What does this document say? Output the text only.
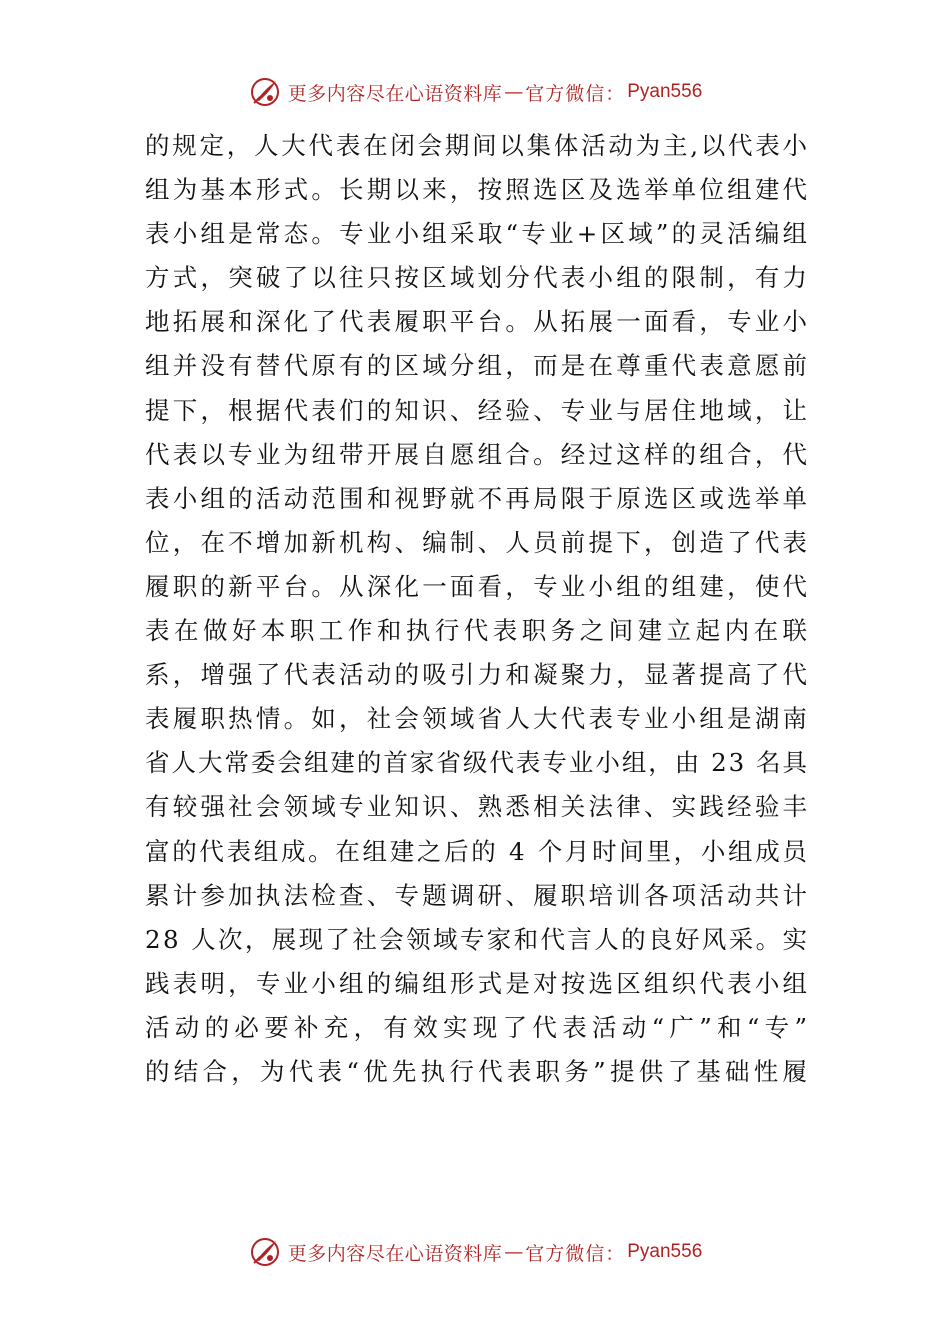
更多内容尽在心语资料库 — 官方微信： Pyan556
的规定，人大代表在闭会期间以集体活动为主,以代表小
组为基本形式。长期以来，按照选区及选举单位组建代
表小组是常态。专业小组采取“专业+区域”的灵活编组
方式，突破了以往只按区域划分代表小组的限制，有力
地拓展和深化了代表履职平台。从拓展一面看，专业小
组并没有替代原有的区域分组，而是在尊重代表意愿前
提下，根据代表们的知识、经验、专业与居住地域，让
代表以专业为纽带开展自愿组合。经过这样的组合，代
表小组的活动范围和视野就不再局限于原选区或选举单
位，在不增加新机构、编制、人员前提下，创造了代表
履职的新平台。从深化一面看，专业小组的组建，使代
表在做好本职工作和执行代表职务之间建立起内在联
系，增强了代表活动的吸引力和凝聚力，显著提高了代
表履职热情。如，社会领域省人大代表专业小组是湖南
省人大常委会组建的首家省级代表专业小组，由 23 名具
有较强社会领域专业知识、熟悉相关法律、实践经验丰
富的代表组成。在组建之后的 4 个月时间里，小组成员
累计参加执法检查、专题调研、履职培训各项活动共计
28 人次，展现了社会领域专家和代言人的良好风采。实
践表明，专业小组的编组形式是对按选区组织代表小组
活动的必要补充，有效实现了代表活动“广”和“专”
的结合，为代表“优先执行代表职务”提供了基础性履
更多内容尽在心语资料库 — 官方微信： Pyan556
